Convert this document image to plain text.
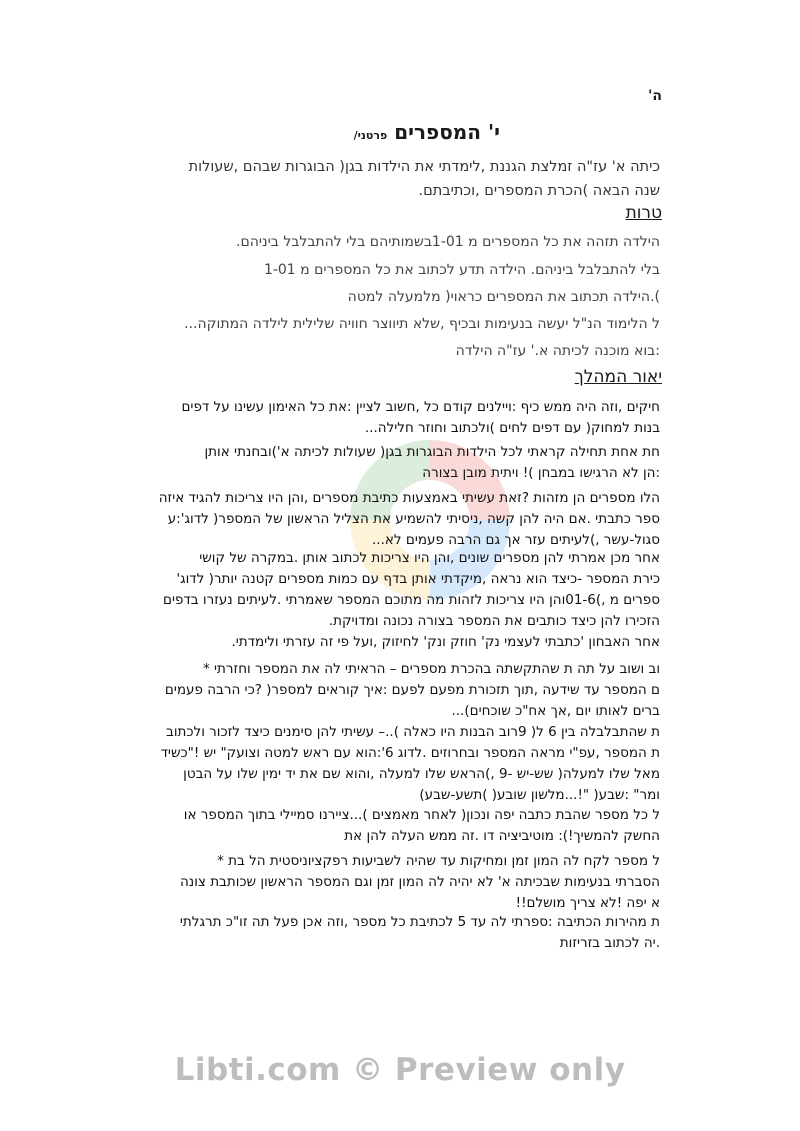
ה'
י' המספרים פרטני/
כיתה א' עז"ה זמלצת הגננת ,לימדתי את הילדות בגן( הבוגרות שבהם ,שעולות
שנה הבאה )הכרת המספרים ,וכתיבתם.
טרות
הילדה תזהה את כל המספרים מ 1-01בשמותיהם בלי להתבלבל ביניהם.
בלי להתבלבל ביניהם. הילדה תדע לכתוב את כל המספרים מ 1-01
).הילדה תכתוב את המספרים כראוי( מלמעלה למטה
ל הלימוד הנ"ל יעשה בנעימות ובכיף ,שלא תיווצר חוויה שלילית לילדה המתוקה...
:בוא מוכנה לכיתה א.' עז"ה הילדה
יאור המהלך
חיקים ,וזה היה ממש כיף :ויילנים קודם כל ,חשוב לציין :את כל האימון עשינו על דפים
בנות למחוק( עם דפים לחים )ולכתוב וחוזר חלילה...
חת אחת תחילה קראתי לכל הילדות הבוגרות בגן( שעולות לכיתה א')ובחנתי אותן
:הן לא הרגישו במבחן )! ויתית מובן בצורה
הלו מספרים הן מזהות ?זאת עשיתי באמצעות כתיבת מספרים ,והן היו צריכות להגיד איזה
ספר כתבתי .אם היה להן קשה ,ניסיתי להשמיע את הצליל הראשון של המספר( לדוג':ע
סגול-עשר ,)לעיתים עזר אך גם הרבה פעמים לא...
אחר מכן אמרתי להן מספרים שונים ,והן היו צריכות לכתוב אותן .במקרה של קושי
כירת המספר -כיצד הוא נראה ,מיקדתי אותן בדף עם כמות מספרים קטנה יותר( לדוג'
ספרים מ ,)01-6והן היו צריכות לזהות מה מתוכם המספר שאמרתי .לעיתים נעזרו בדפים
הזכירו להן כיצד כותבים את המספר בצורה נכונה ומדויקת.
אחר האבחון 'כתבתי לעצמי נק' חוזק ונק' לחיזוק ,ועל פי זה עזרתי ולימדתי.
וב ושוב על תה ת שהתקשתה בהכרת מספרים – הראיתי לה את המספר וחזרתי *
ם המספר עד שידעה ,תוך תזכורת מפעם לפעם :איך קוראים למספר( ?כי הרבה פעמים
ברים לאותו יום ,אך אח"כ שוכחים)...
ת שהתבלבלה בין 6 ל( 9רוב הבנות היו כאלה )..– עשיתי להן סימנים כיצד לזכור ולכתוב
ת המספר ,עפ"י מראה המספר ובחרוזים .לדוג 6':הוא עם ראש למטה וצועק" יש !"כשיד
מאל שלו למעלה( שש-יש -9 ,)הראש שלו למעלה ,והוא שם את יד ימין שלו על הבטן
ומר" :שבע( "!...מלשון שובע( )תשע-שבע)
ל כל מספר שהבת כתבה יפה ונכון( לאחר מאמצים )...ציירנו סמיילי בתוך המספר או
החשק להמשיך!): מוטיביציה דו .זה ממש העלה להן את
ל מספר לקח לה המון זמן ומחיקות עד שהיה לשביעות רפקציוניסטית הל בת *
הסברתי בנעימות שבכיתה א' לא יהיה לה המון זמן וגם המספר הראשון שכותבת צונה
א יפה !לא צריך מושלם!!
ת מהירות הכתיבה :ספרתי לה עד 5 לכתיבת כל מספר ,וזה אכן פעל תה זו"כ תרגלתי
.יה לכתוב בזריזות
Libti.com © Preview only
